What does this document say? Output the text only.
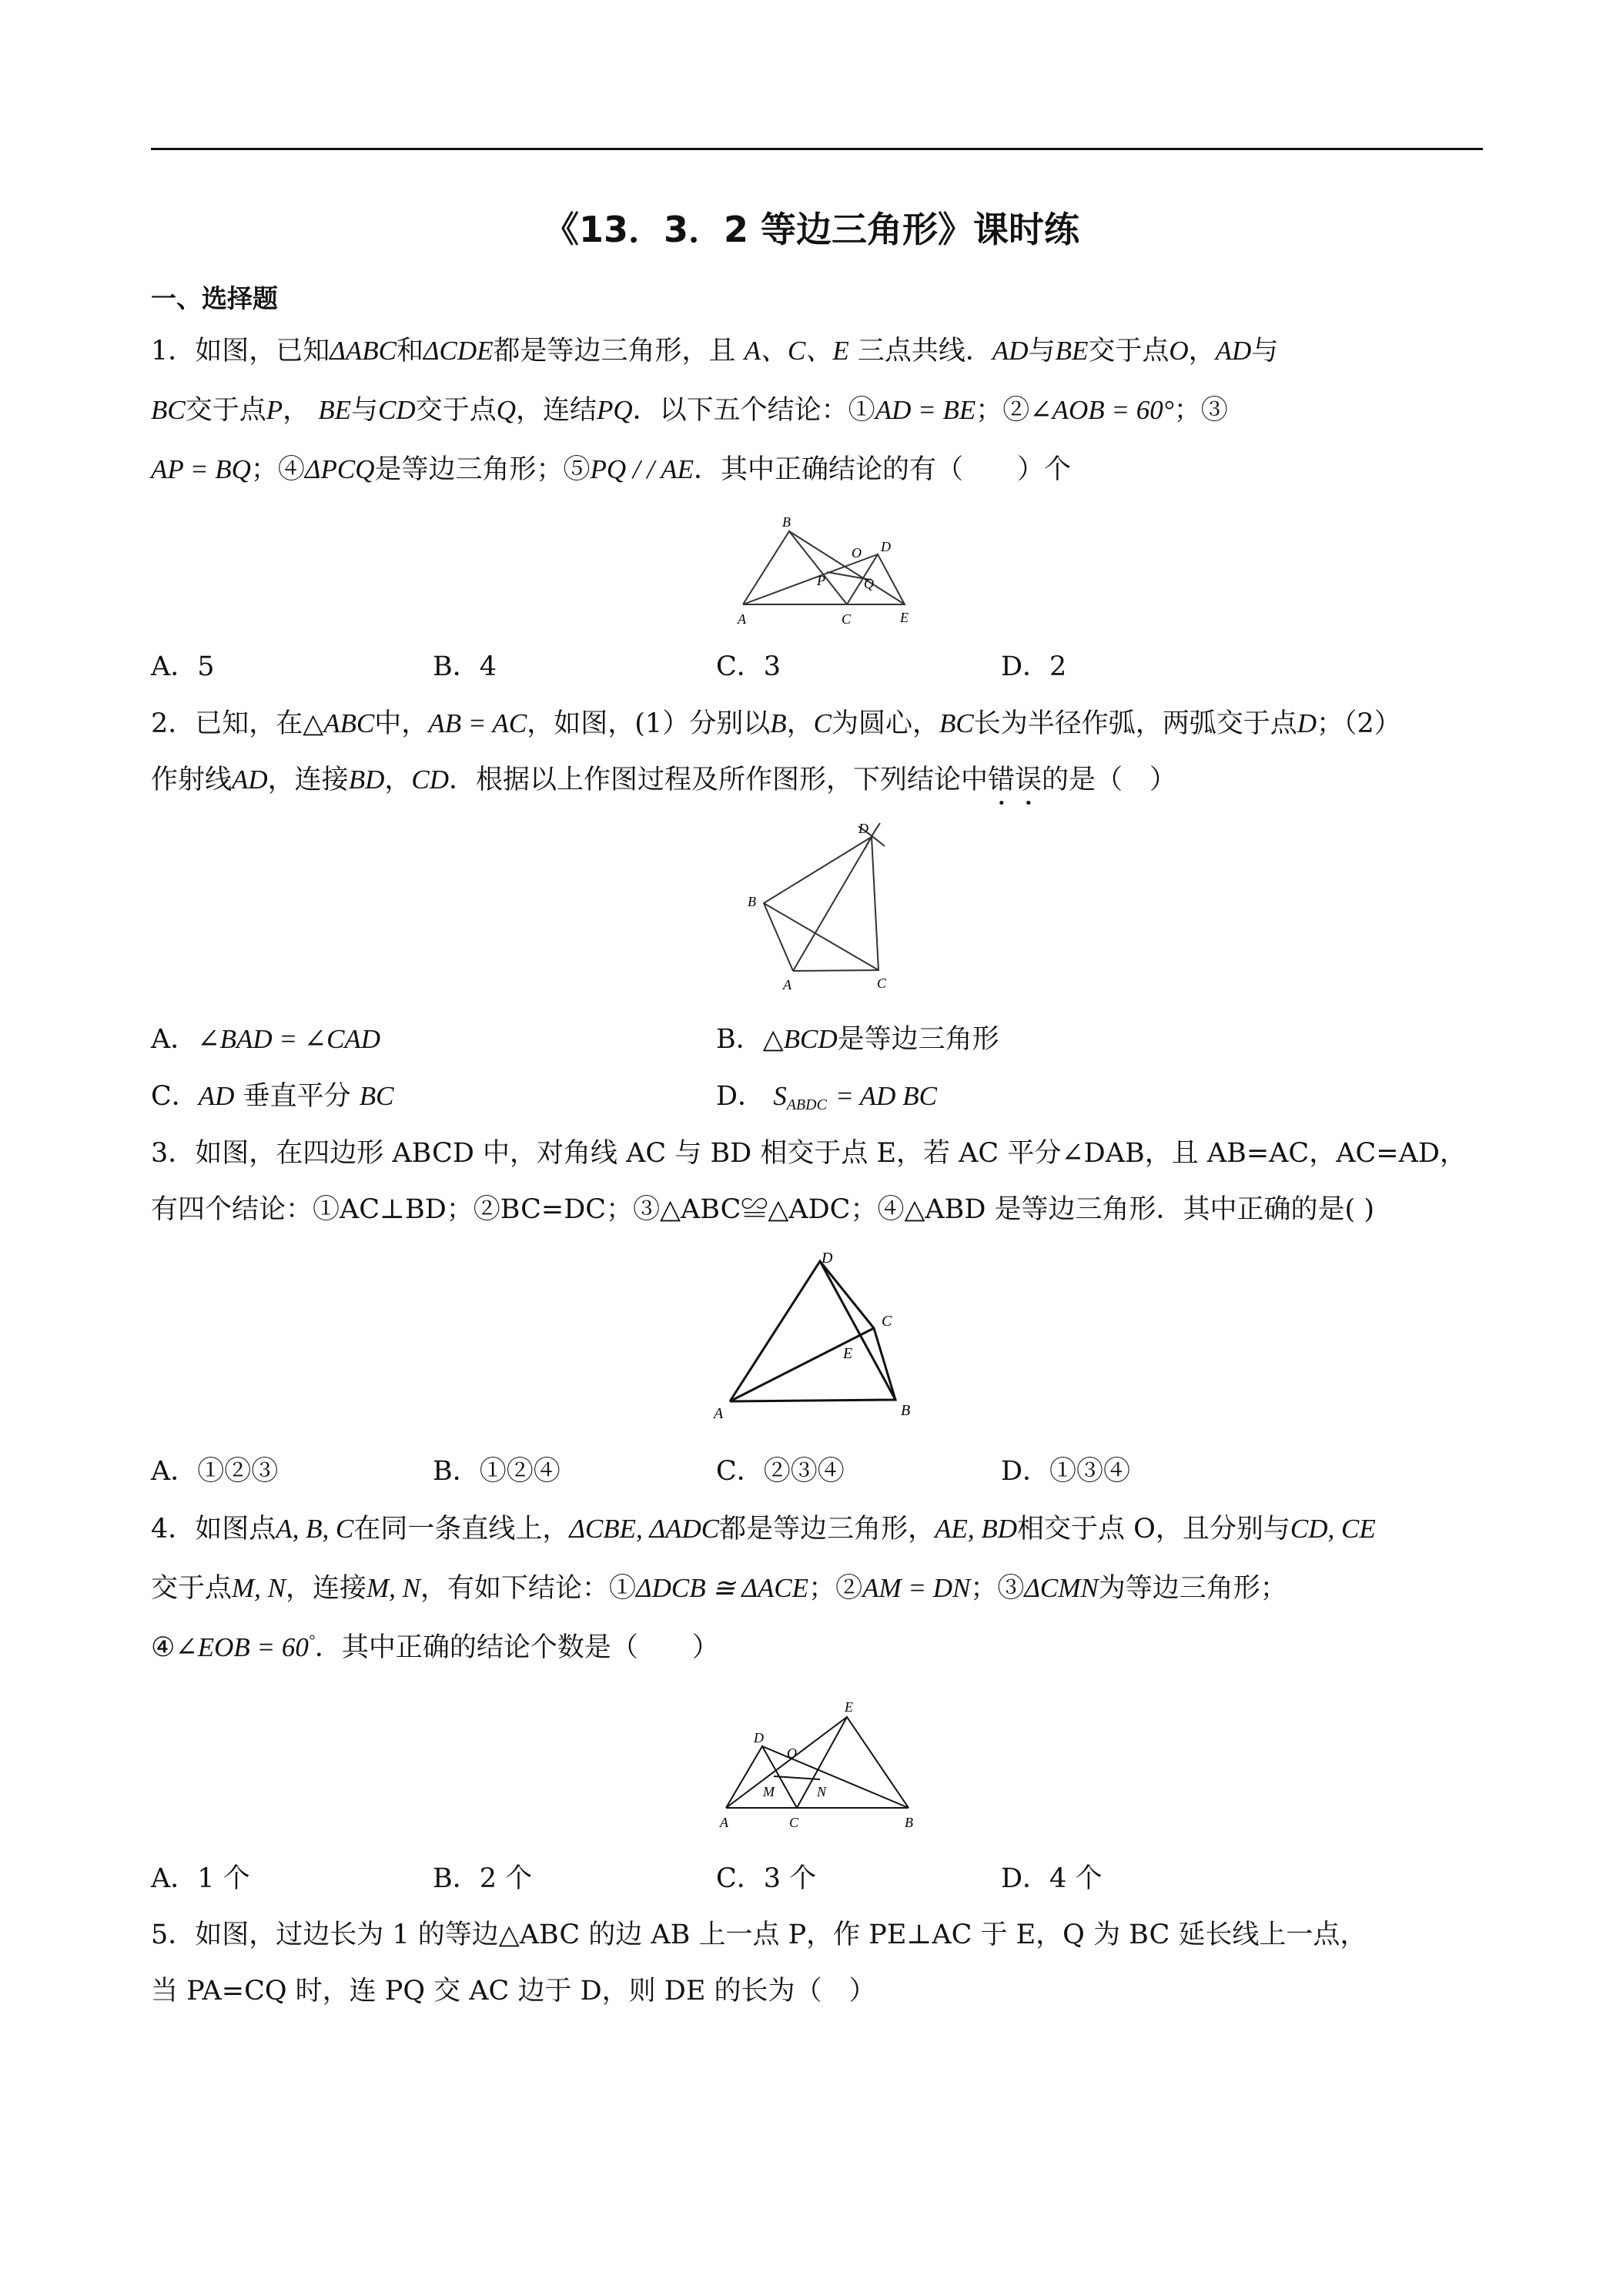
《13．3．2 等边三角形》课时练
一、选择题
1．如图，已知ΔABC和ΔCDE都是等边三角形，且 A、C、E 三点共线．AD与BE交于点O，AD与
BC交于点P， BE与CD交于点Q，连结PQ．以下五个结论：①AD = BE；②∠AOB = 60°；③
AP = BQ；④ΔPCQ是等边三角形；⑤PQ / / AE．其中正确结论的有（　　）个
B
A	C	E
D
O
P	Q
A．5	B．4	C．3	D．2
2．已知，在△ABC中，AB = AC，如图，(1）分别以B，C为圆心，BC长为半径作弧，两弧交于点D；（2）
作射线AD，连接BD，CD．根据以上作图过程及所作图形，下列结论中错误的是（　）
D
B
A	C
A．∠BAD = ∠CAD	B．△BCD是等边三角形
C．AD 垂直平分 BC	D． $S_{ABDC}$ = AD BC
3．如图，在四边形 ABCD 中，对角线 AC 与 BD 相交于点 E，若 AC 平分∠DAB，且 AB=AC，AC=AD，
有四个结论：①AC⊥BD；②BC=DC；③△ABC≌△ADC；④△ABD 是等边三角形．其中正确的是( )
D
C
E
A	B
A．①②③	B．①②④	C．②③④	D．①③④
4．如图点A, B, C在同一条直线上，ΔCBE, ΔADC都是等边三角形，AE, BD相交于点 O，且分别与CD, CE
交于点M, N，连接M, N，有如下结论：①ΔDCB ≅ ΔACE；②AM = DN；③ΔCMN为等边三角形；
④∠EOB = 60°．其中正确的结论个数是（　　）
E
D
O
M	N
A	C	B
A．1 个	B．2 个	C．3 个	D．4 个
5．如图，过边长为 1 的等边△ABC 的边 AB 上一点 P，作 PE⊥AC 于 E，Q 为 BC 延长线上一点，
当 PA=CQ 时，连 PQ 交 AC 边于 D，则 DE 的长为（　）
